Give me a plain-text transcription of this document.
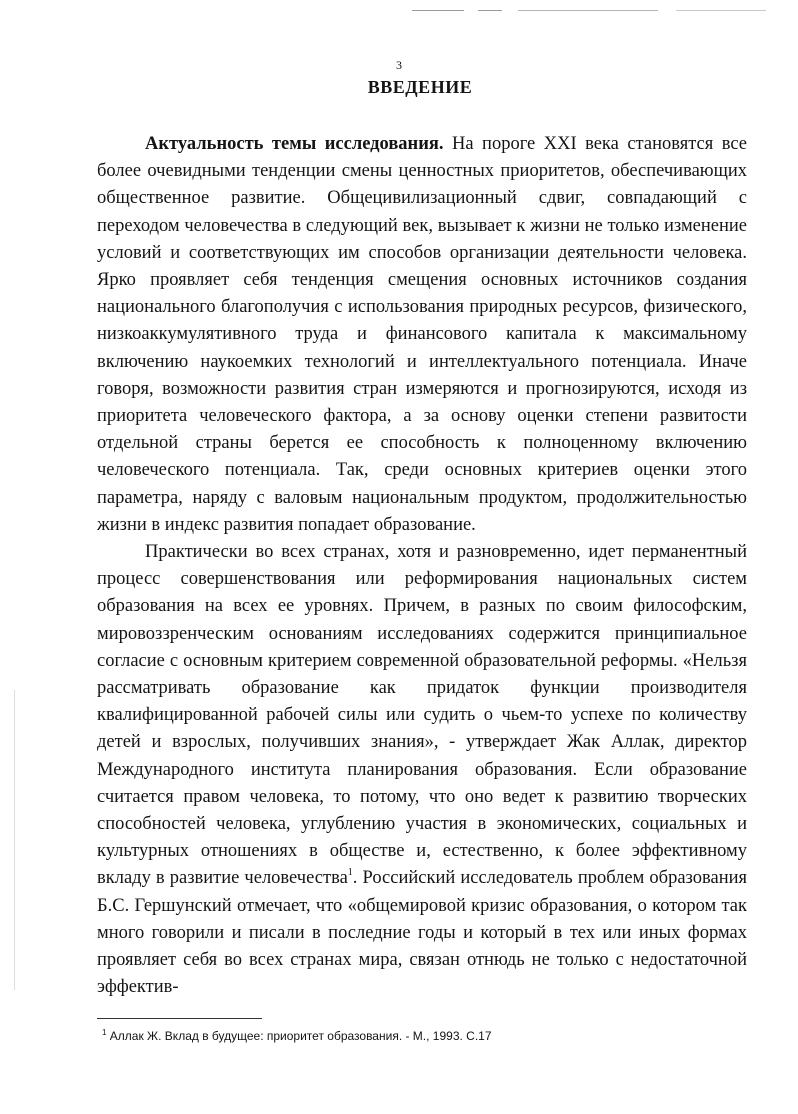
3
ВВЕДЕНИЕ

Актуальность темы исследования. На пороге XXI века становятся все более очевидными тенденции смены ценностных приоритетов, обеспечивающих общественное развитие. Общецивилизационный сдвиг, совпадающий с переходом человечества в следующий век, вызывает к жизни не только изменение условий и соответствующих им способов организации деятельности человека. Ярко проявляет себя тенденция смещения основных источников создания национального благополучия с использования природных ресурсов, физического, низкоаккумулятивного труда и финансового капитала к максимальному включению наукоемких технологий и интеллектуального потенциала. Иначе говоря, возможности развития стран измеряются и прогнозируются, исходя из приоритета человеческого фактора, а за основу оценки степени развитости отдельной страны берется ее способность к полноценному включению человеческого потенциала. Так, среди основных критериев оценки этого параметра, наряду с валовым национальным продуктом, продолжительностью жизни в индекс развития попадает образование.

Практически во всех странах, хотя и разновременно, идет перманентный процесс совершенствования или реформирования национальных систем образования на всех ее уровнях. Причем, в разных по своим философским, мировоззренческим основаниям исследованиях содержится принципиальное согласие с основным критерием современной образовательной реформы. «Нельзя рассматривать образование как придаток функции производителя квалифицированной рабочей силы или судить о чьем-то успехе по количеству детей и взрослых, получивших знания», - утверждает Жак Аллак, директор Международного института планирования образования. Если образование считается правом человека, то потому, что оно ведет к развитию творческих способностей человека, углублению участия в экономических, социальных и культурных отношениях в обществе и, естественно, к более эффективному вкладу в развитие человечества$^1$. Российский исследователь проблем образования Б.С. Гершунский отмечает, что «общемировой кризис образования, о котором так много говорили и писали в последние годы и который в тех или иных формах проявляет себя во всех странах мира, связан отнюдь не только с недостаточной эффектив-

$^1$ Аллак Ж. Вклад в будущее: приоритет образования. - М., 1993. С.17
